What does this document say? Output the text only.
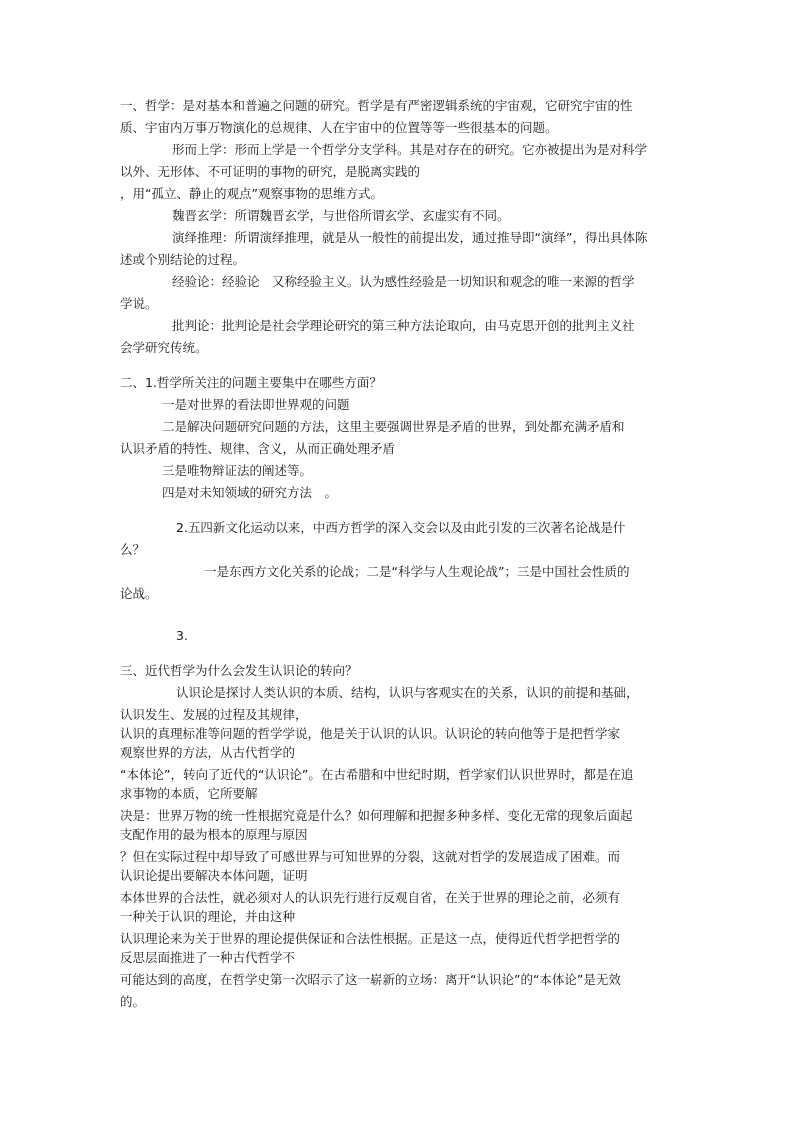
一、哲学：是对基本和普遍之问题的研究。哲学是有严密逻辑系统的宇宙观，它研究宇宙的性
质、宇宙内万事万物演化的总规律、人在宇宙中的位置等等一些很基本的问题。
形而上学：形而上学是一个哲学分支学科。其是对存在的研究。它亦被提出为是对科学
以外、无形体、不可证明的事物的研究，是脱离实践的
，用“孤立、静止的观点”观察事物的思维方式。
魏晋玄学：所谓魏晋玄学，与世俗所谓玄学、玄虚实有不同。
演绎推理：所谓演绎推理，就是从一般性的前提出发，通过推导即“演绎”，得出具体陈
述或个别结论的过程。
经验论：经验论　又称经验主义。认为感性经验是一切知识和观念的唯一来源的哲学
学说。
批判论：批判论是社会学理论研究的第三种方法论取向，由马克思开创的批判主义社
会学研究传统。
二、1.哲学所关注的问题主要集中在哪些方面？
一是对世界的看法即世界观的问题
二是解决问题研究问题的方法，这里主要强调世界是矛盾的世界，到处都充满矛盾和
认识矛盾的特性、规律、含义，从而正确处理矛盾
三是唯物辩证法的阐述等。
四是对未知领域的研究方法　。
2.五四新文化运动以来，中西方哲学的深入交会以及由此引发的三次著名论战是什
么？
一是东西方文化关系的论战；二是“科学与人生观论战”；三是中国社会性质的
论战。
3.
三、近代哲学为什么会发生认识论的转向？
认识论是探讨人类认识的本质、结构，认识与客观实在的关系，认识的前提和基础，
认识发生、发展的过程及其规律，
认识的真理标准等问题的哲学学说，他是关于认识的认识。认识论的转向他等于是把哲学家
观察世界的方法，从古代哲学的
“本体论”，转向了近代的“认识论”。在古希腊和中世纪时期，哲学家们认识世界时，都是在追
求事物的本质，它所要解
决是：世界万物的统一性根据究竟是什么？如何理解和把握多种多样、变化无常的现象后面起
支配作用的最为根本的原理与原因
？但在实际过程中却导致了可感世界与可知世界的分裂，这就对哲学的发展造成了困难。而
认识论提出要解决本体问题，证明
本体世界的合法性，就必须对人的认识先行进行反观自省，在关于世界的理论之前，必须有
一种关于认识的理论，并由这种
认识理论来为关于世界的理论提供保证和合法性根据。正是这一点，使得近代哲学把哲学的
反思层面推进了一种古代哲学不
可能达到的高度，在哲学史第一次昭示了这一崭新的立场：离开“认识论”的“本体论”是无效
的。
